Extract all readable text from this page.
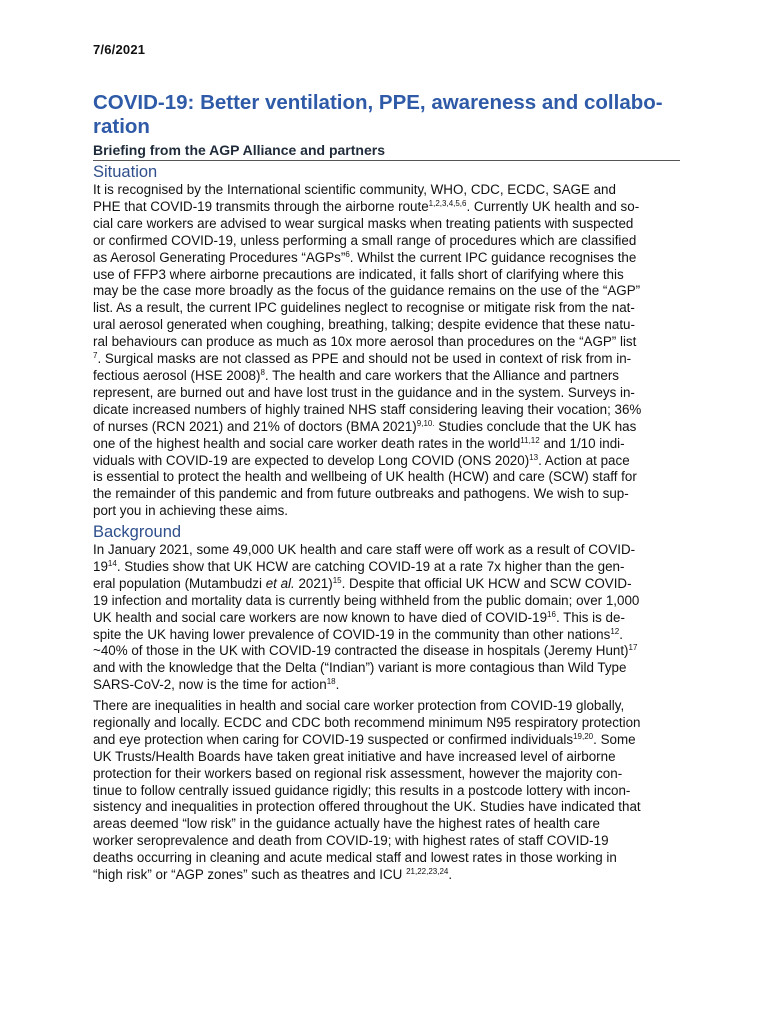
7/6/2021
COVID-19: Better ventilation, PPE, awareness and collabo-
ration
Briefing from the AGP Alliance and partners
Situation

It is recognised by the International scientific community, WHO, CDC, ECDC, SAGE and
PHE that COVID-19 transmits through the airborne route$^{1,2,3,4,5,6}$. Currently UK health and so-
cial care workers are advised to wear surgical masks when treating patients with suspected
or confirmed COVID-19, unless performing a small range of procedures which are classified
as Aerosol Generating Procedures “AGPs”$^6$. Whilst the current IPC guidance recognises the
use of FFP3 where airborne precautions are indicated, it falls short of clarifying where this
may be the case more broadly as the focus of the guidance remains on the use of the “AGP”
list. As a result, the current IPC guidelines neglect to recognise or mitigate risk from the nat-
ural aerosol generated when coughing, breathing, talking; despite evidence that these natu-
ral behaviours can produce as much as 10x more aerosol than procedures on the “AGP” list
$^7$. Surgical masks are not classed as PPE and should not be used in context of risk from in-
fectious aerosol (HSE 2008)$^8$. The health and care workers that the Alliance and partners
represent, are burned out and have lost trust in the guidance and in the system. Surveys in-
dicate increased numbers of highly trained NHS staff considering leaving their vocation; 36%
of nurses (RCN 2021) and 21% of doctors (BMA 2021)$^{9,10.}$ Studies conclude that the UK has
one of the highest health and social care worker death rates in the world$^{11,12}$ and 1/10 indi-
viduals with COVID-19 are expected to develop Long COVID (ONS 2020)$^{13}$. Action at pace
is essential to protect the health and wellbeing of UK health (HCW) and care (SCW) staff for
the remainder of this pandemic and from future outbreaks and pathogens. We wish to sup-
port you in achieving these aims.

Background

In January 2021, some 49,000 UK health and care staff were off work as a result of COVID-
$19^{14}$. Studies show that UK HCW are catching COVID-19 at a rate 7x higher than the gen-
eral population (Mutambudzi et al. 2021)$^{15}$. Despite that official UK HCW and SCW COVID-
19 infection and mortality data is currently being withheld from the public domain; over 1,000
UK health and social care workers are now known to have died of COVID-$19^{16}$. This is de-
spite the UK having lower prevalence of COVID-19 in the community than other nations$^{12}$.
~40% of those in the UK with COVID-19 contracted the disease in hospitals (Jeremy Hunt)$^{17}$
and with the knowledge that the Delta (“Indian”) variant is more contagious than Wild Type
SARS-CoV-2, now is the time for action$^{18}$.

There are inequalities in health and social care worker protection from COVID-19 globally,
regionally and locally. ECDC and CDC both recommend minimum N95 respiratory protection
and eye protection when caring for COVID-19 suspected or confirmed individuals$^{19,20}$. Some
UK Trusts/Health Boards have taken great initiative and have increased level of airborne
protection for their workers based on regional risk assessment, however the majority con-
tinue to follow centrally issued guidance rigidly; this results in a postcode lottery with incon-
sistency and inequalities in protection offered throughout the UK. Studies have indicated that
areas deemed “low risk” in the guidance actually have the highest rates of health care
worker seroprevalence and death from COVID-19; with highest rates of staff COVID-19
deaths occurring in cleaning and acute medical staff and lowest rates in those working in
“high risk” or “AGP zones” such as theatres and ICU $^{21,22,23,24}$.
